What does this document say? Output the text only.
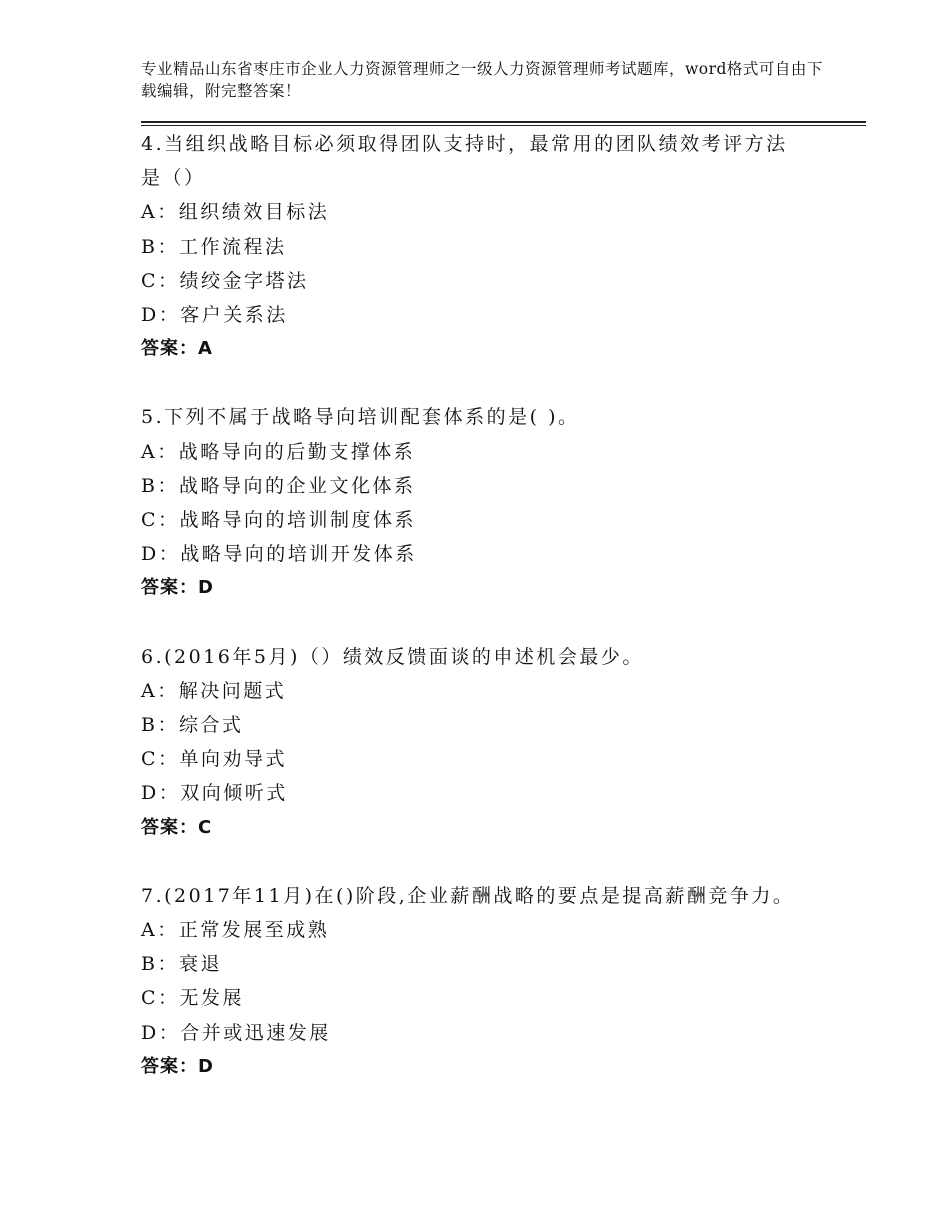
专业精品山东省枣庄市企业人力资源管理师之一级人力资源管理师考试题库，word格式可自由下载编辑，附完整答案！
4.当组织战略目标必须取得团队支持时，最常用的团队绩效考评方法
是（）
A：组织绩效目标法
B：工作流程法
C：绩绞金字塔法
D：客户关系法
答案：A
5.下列不属于战略导向培训配套体系的是( )。
A：战略导向的后勤支撑体系
B：战略导向的企业文化体系
C：战略导向的培训制度体系
D：战略导向的培训开发体系
答案：D
6.(2016年5月)（）绩效反馈面谈的申述机会最少。
A：解决问题式
B：综合式
C：单向劝导式
D：双向倾听式
答案：C
7.(2017年11月)在()阶段,企业薪酬战略的要点是提高薪酬竞争力。
A：正常发展至成熟
B：衰退
C：无发展
D：合并或迅速发展
答案：D
